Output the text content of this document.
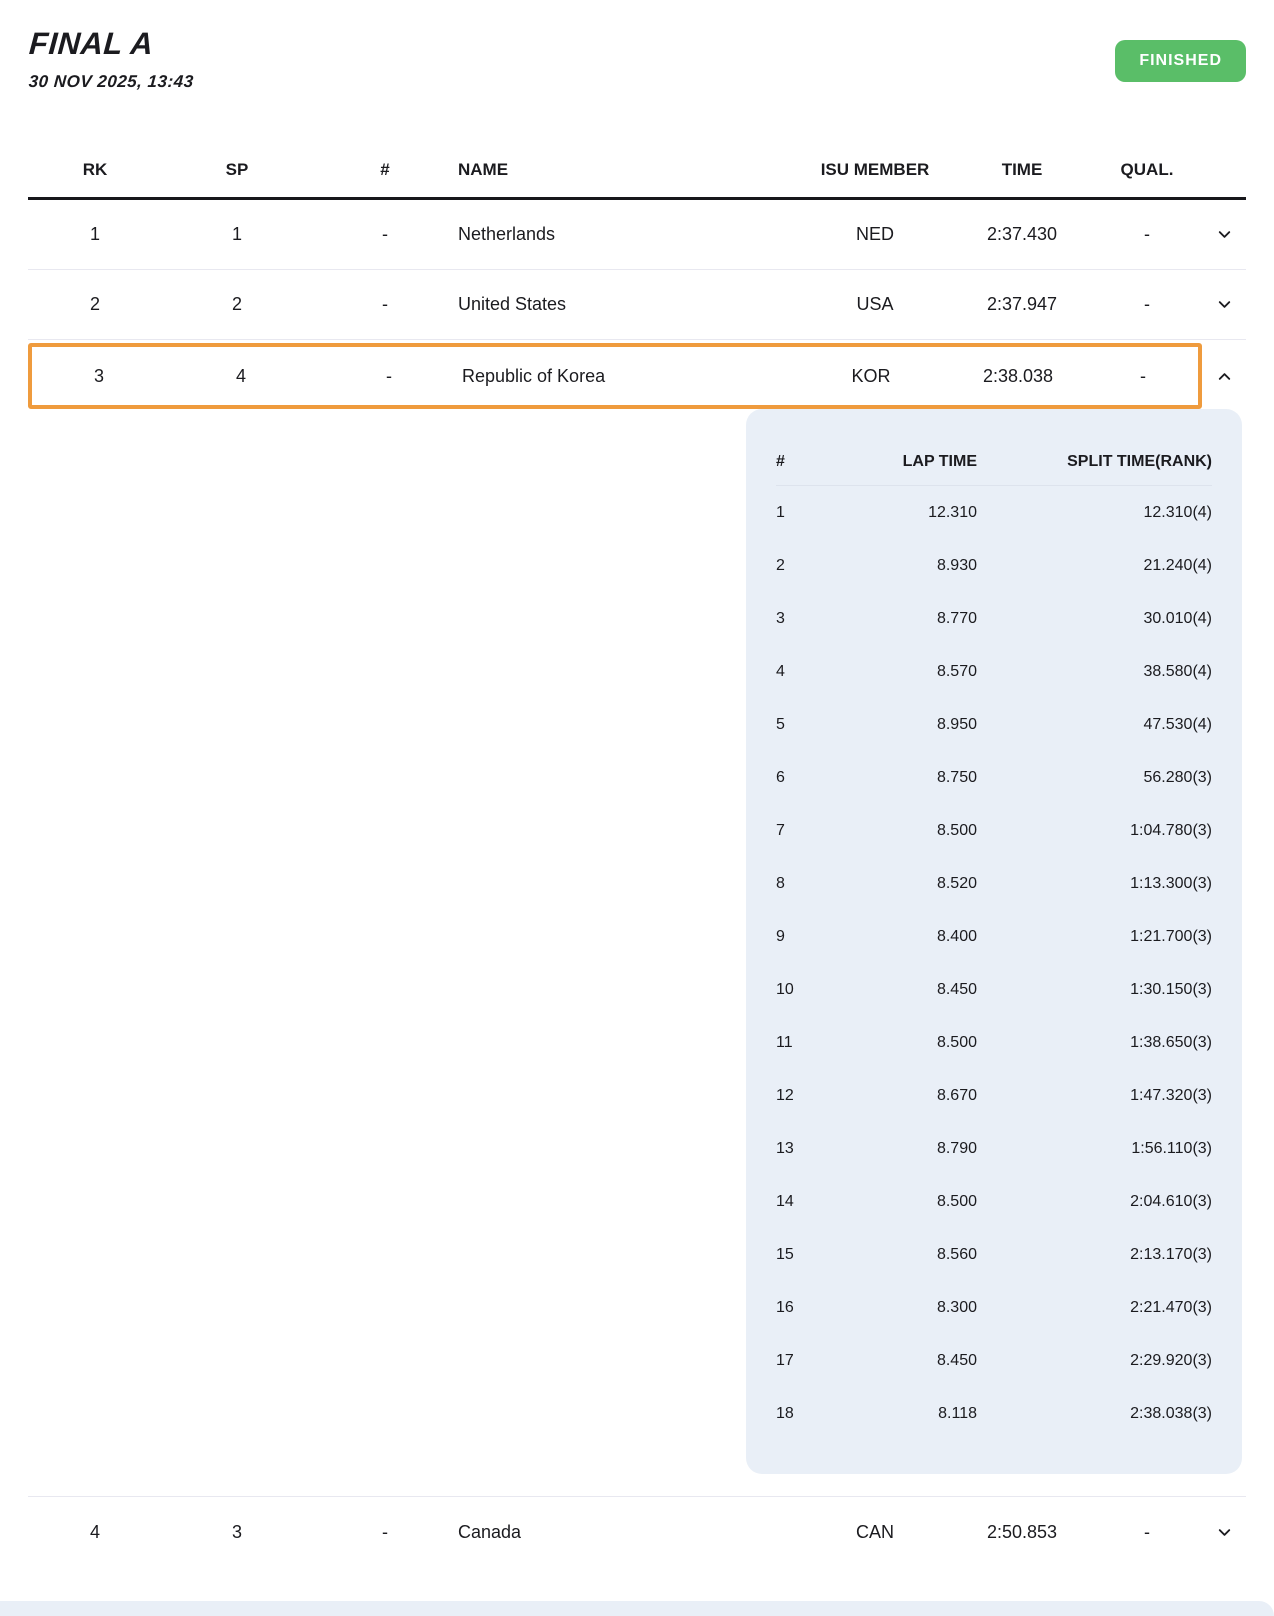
FINAL A
30 NOV 2025, 13:43
FINISHED
RK	SP	#	NAME	ISU MEMBER	TIME	QUAL.
1	1	-	Netherlands	NED	2:37.430	-
2	2	-	United States	USA	2:37.947	-
3	4	-	Republic of Korea	KOR	2:38.038	-
#	LAP TIME	SPLIT TIME(RANK)
1	12.310	12.310(4)
2	8.930	21.240(4)
3	8.770	30.010(4)
4	8.570	38.580(4)
5	8.950	47.530(4)
6	8.750	56.280(3)
7	8.500	1:04.780(3)
8	8.520	1:13.300(3)
9	8.400	1:21.700(3)
10	8.450	1:30.150(3)
11	8.500	1:38.650(3)
12	8.670	1:47.320(3)
13	8.790	1:56.110(3)
14	8.500	2:04.610(3)
15	8.560	2:13.170(3)
16	8.300	2:21.470(3)
17	8.450	2:29.920(3)
18	8.118	2:38.038(3)
4	3	-	Canada	CAN	2:50.853	-
